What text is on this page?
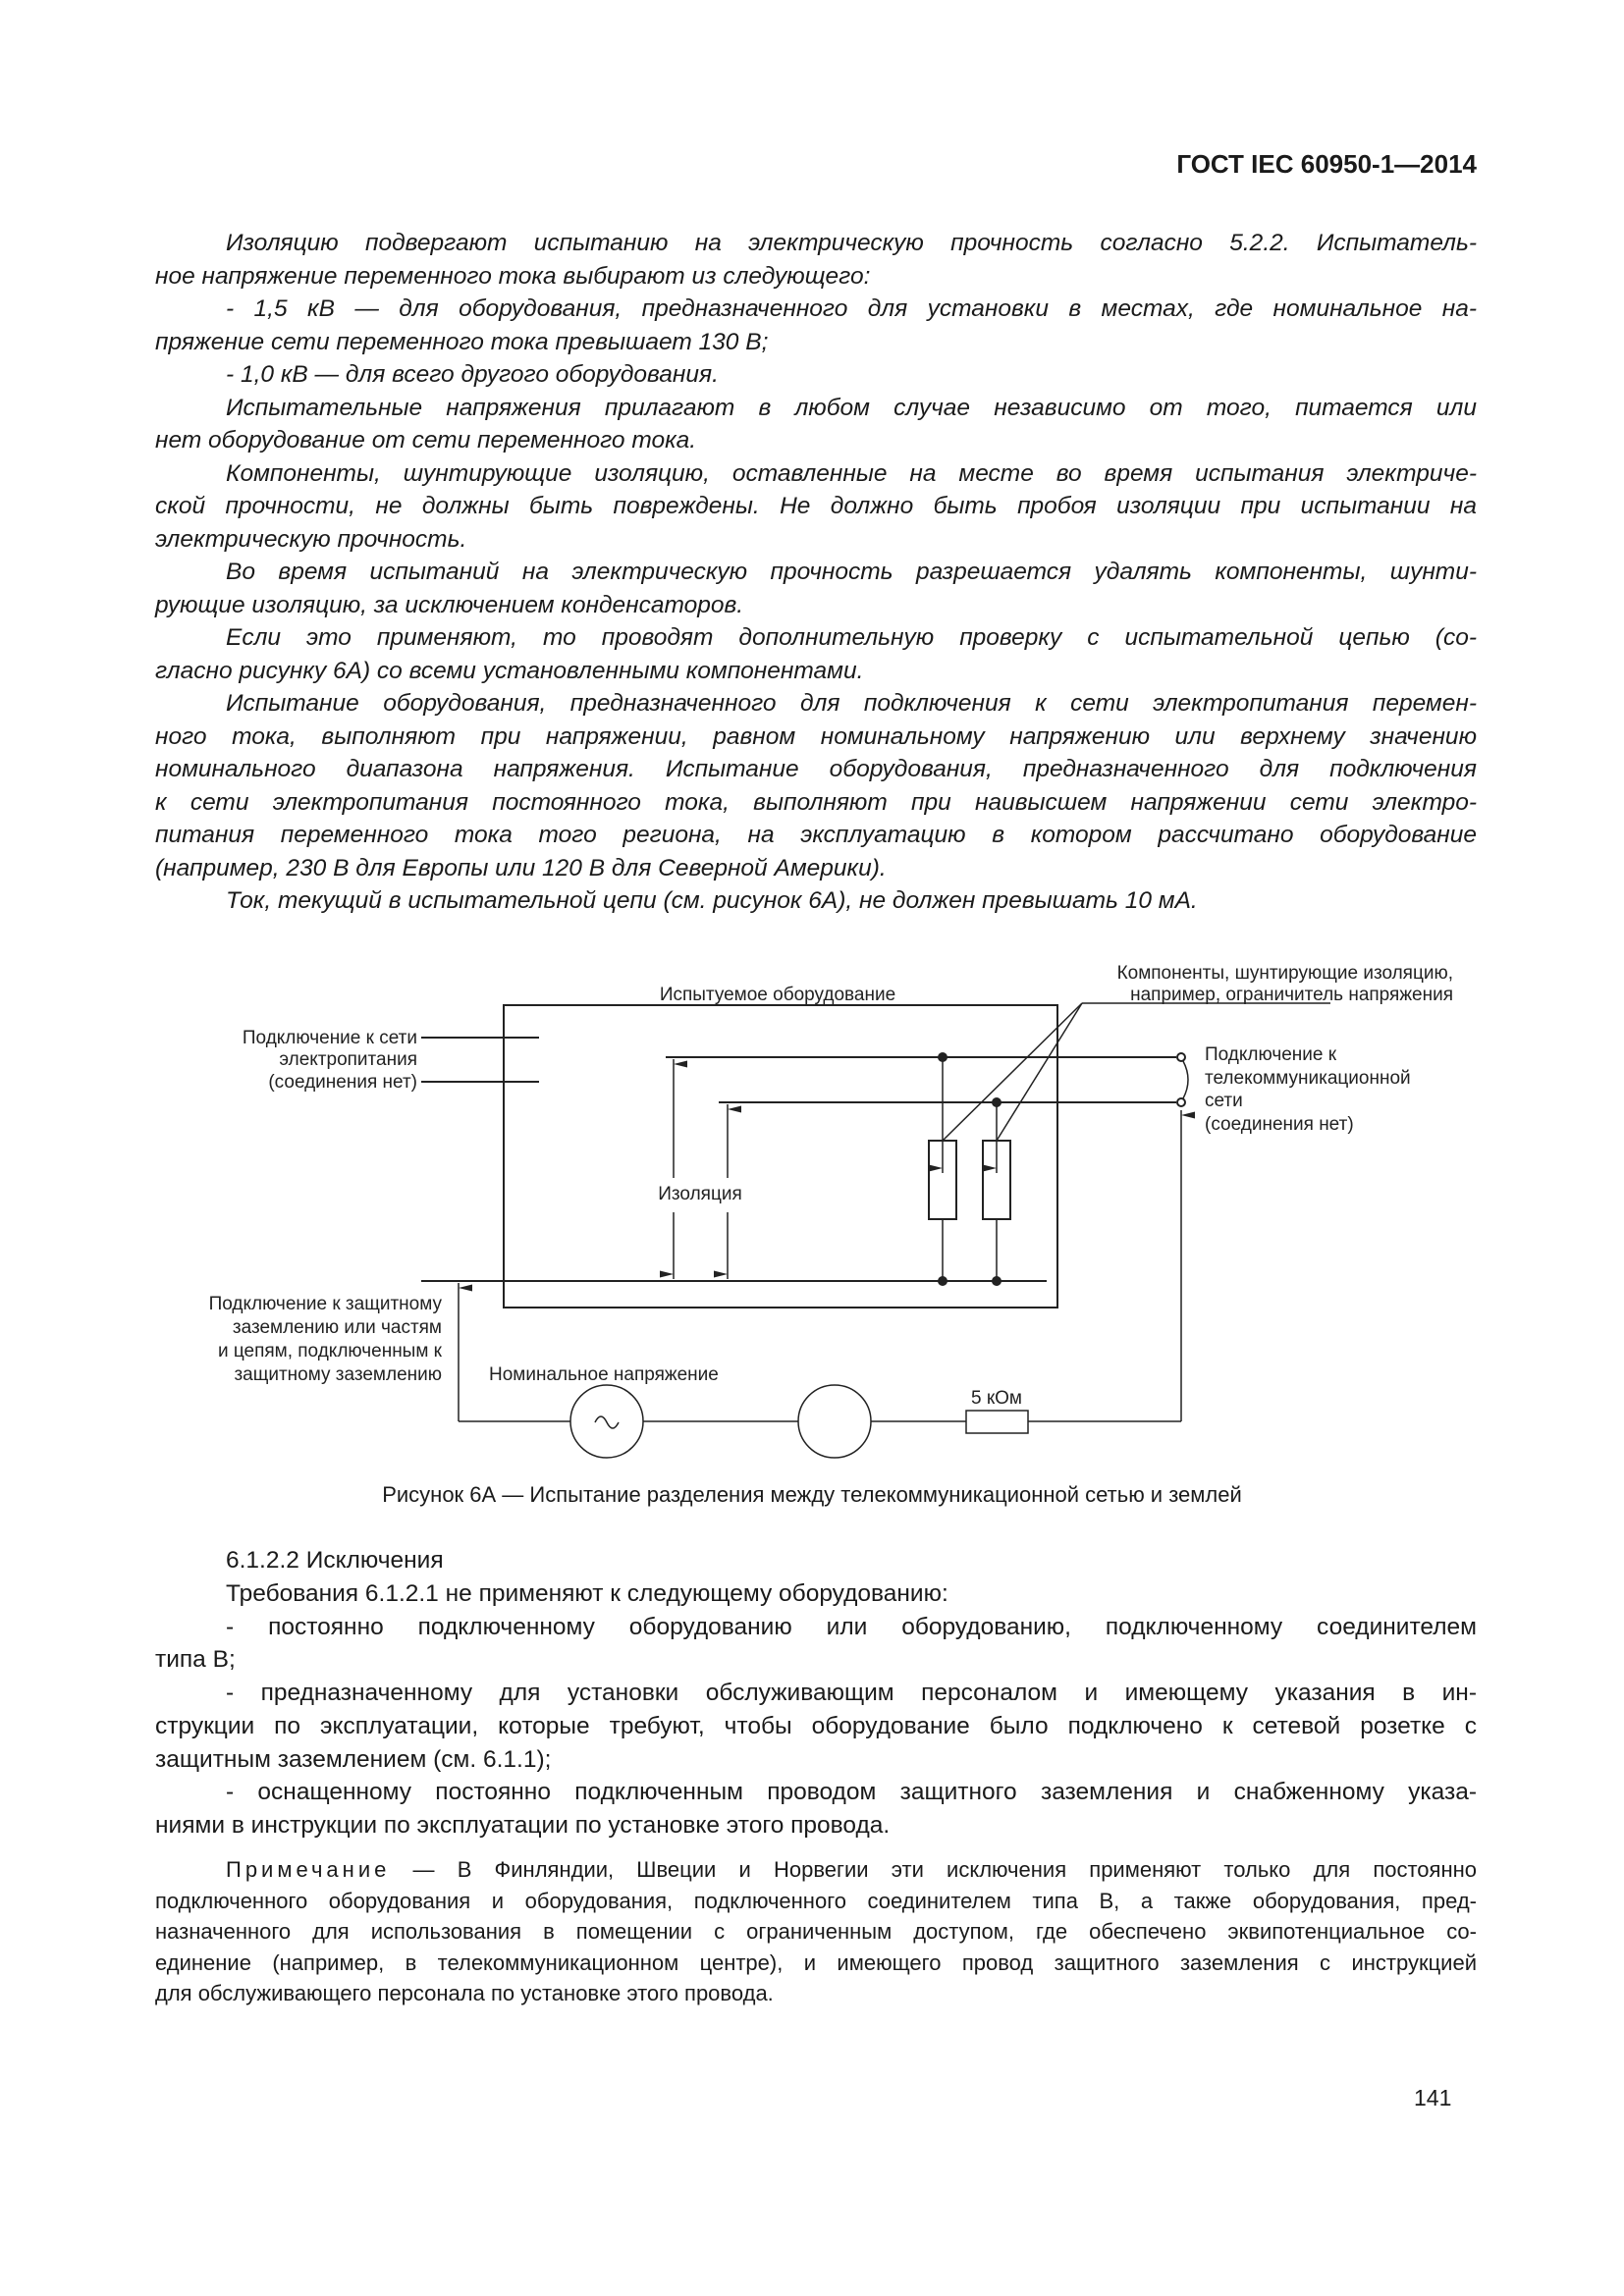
ГОСТ IEC 60950-1—2014
Изоляцию подвергают испытанию на электрическую прочность согласно 5.2.2. Испытатель-
ное напряжение переменного тока выбирают из следующего:
- 1,5 кВ — для оборудования, предназначенного для установки в местах, где номинальное на-
пряжение сети переменного тока превышает 130 В;
- 1,0 кВ — для всего другого оборудования.
Испытательные напряжения прилагают в любом случае независимо от того, питается или
нет оборудование от сети переменного тока.
Компоненты, шунтирующие изоляцию, оставленные на месте во время испытания электриче-
ской прочности, не должны быть повреждены. Не должно быть пробоя изоляции при испытании на
электрическую прочность.
Во время испытаний на электрическую прочность разрешается удалять компоненты, шунти-
рующие изоляцию, за исключением конденсаторов.
Если это применяют, то проводят дополнительную проверку с испытательной цепью (со-
гласно рисунку 6А) со всеми установленными компонентами.
Испытание оборудования, предназначенного для подключения к сети электропитания перемен-
ного тока, выполняют при напряжении, равном номинальному напряжению или верхнему значению
номинального диапазона напряжения. Испытание оборудования, предназначенного для подключения
к сети электропитания постоянного тока, выполняют при наивысшем напряжении сети электро-
питания переменного тока того региона, на эксплуатацию в котором рассчитано оборудование
(например, 230 В для Европы или 120 В для Северной Америки).
Ток, текущий в испытательной цепи (см. рисунок 6А), не должен превышать 10 мА.
Испытуемое оборудование
Компоненты, шунтирующие изоляцию, например, ограничитель напряжения
Подключение к сети электропитания (соединения нет)
Подключение к телекоммуникационной сети (соединения нет)
Изоляция
Подключение к защитному заземлению или частям и цепям, подключенным к защитному заземлению	Номинальное напряжение
5 кОм
Рисунок 6А — Испытание разделения между телекоммуникационной сетью и землей
6.1.2.2 Исключения
Требования 6.1.2.1 не применяют к следующему оборудованию:
- постоянно подключенному оборудованию или оборудованию, подключенному соединителем
типа B;
- предназначенному для установки обслуживающим персоналом и имеющему указания в ин-
струкции по эксплуатации, которые требуют, чтобы оборудование было подключено к сетевой розетке с
защитным заземлением (см. 6.1.1);
- оснащенному постоянно подключенным проводом защитного заземления и снабженному указа-
ниями в инструкции по эксплуатации по установке этого провода.
Примечание — В Финляндии, Швеции и Норвегии эти исключения применяют только для постоянно
подключенного оборудования и оборудования, подключенного соединителем типа B, а также оборудования, пред-
назначенного для использования в помещении с ограниченным доступом, где обеспечено эквипотенциальное со-
единение (например, в телекоммуникационном центре), и имеющего провод защитного заземления с инструкцией
для обслуживающего персонала по установке этого провода.
141
